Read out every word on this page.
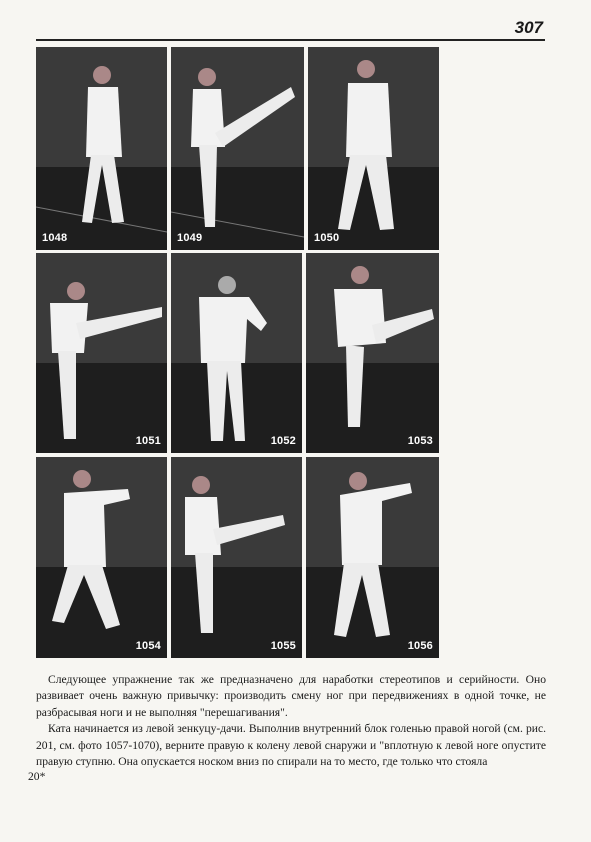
307
1048	1049	1050
1051	1052	1053
1054	1055	1056

Следующее упражнение так же предназначено для наработки стереотипов и серийности. Оно развивает очень важную привычку: производить смену ног при передвижениях в одной точке, не разбрасывая ноги и не выполняя "перешагивания".

Ката начинается из левой зенкуцу-дачи. Выполнив внутренний блок голенью правой ногой (см. рис. 201, см. фото 1057-1070), верните правую к колену левой снаружи и "вплотную к левой ноге опустите правую ступню. Она опускается носком вниз по спирали на то место, где только что стояла

20*
